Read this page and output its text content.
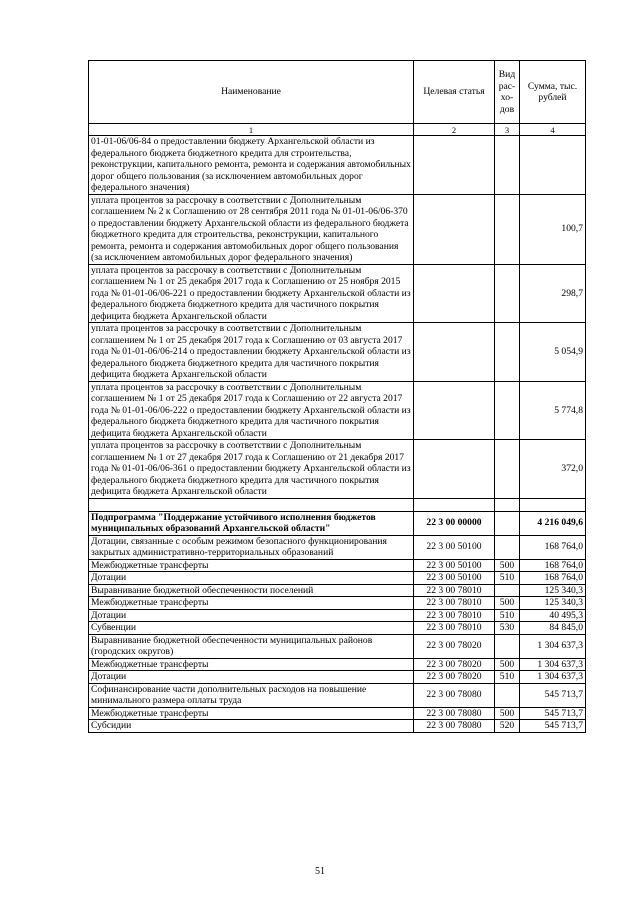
Наименование	Целевая статья	Вид рас-хо-дов	Сумма, тыс. рублей
1	2	3	4
01-01-06/06-84 о предоставлении бюджету Архангельской области из федерального бюджета бюджетного кредита для строительства, реконструкции, капитального ремонта, ремонта и содержания автомобильных дорог общего пользования (за исключением автомобильных дорог федерального значения)			
уплата процентов за рассрочку в соответствии с Дополнительным соглашением № 2 к Соглашению от 28 сентября 2011 года № 01-01-06/06-370 о предоставлении бюджету Архангельской области из федерального бюджета бюджетного кредита для строительства, реконструкции, капитального ремонта, ремонта и содержания автомобильных дорог общего пользования (за исключением автомобильных дорог федерального значения)			100,7
уплата процентов за рассрочку в соответствии с Дополнительным соглашением № 1 от 25 декабря 2017 года к Соглашению от 25 ноября 2015 года № 01-01-06/06-221 о предоставлении бюджету Архангельской области из федерального бюджета бюджетного кредита для частичного покрытия дефицита бюджета Архангельской области			298,7
уплата процентов за рассрочку в соответствии с Дополнительным соглашением № 1 от 25 декабря 2017 года к Соглашению от 03 августа 2017 года № 01-01-06/06-214 о предоставлении бюджету Архангельской области из федерального бюджета бюджетного кредита для частичного покрытия дефицита бюджета Архангельской области			5 054,9
уплата процентов за рассрочку в соответствии с Дополнительным соглашением № 1 от 25 декабря 2017 года к Соглашению от 22 августа 2017 года № 01-01-06/06-222 о предоставлении бюджету Архангельской области из федерального бюджета бюджетного кредита для частичного покрытия дефицита бюджета Архангельской области			5 774,8
уплата процентов за рассрочку в соответствии с Дополнительным соглашением № 1 от 27 декабря 2017 года к Соглашению от 21 декабря 2017 года № 01-01-06/06-361 о предоставлении бюджету Архангельской области из федерального бюджета бюджетного кредита для частичного покрытия дефицита бюджета Архангельской области			372,0

Подпрограмма "Поддержание устойчивого исполнения бюджетов муниципальных образований Архангельской области"	22 3 00 00000		4 216 049,6
Дотации, связанные с особым режимом безопасного функционирования закрытых административно-территориальных образований	22 3 00 50100		168 764,0
Межбюджетные трансферты	22 3 00 50100	500	168 764,0
Дотации	22 3 00 50100	510	168 764,0
Выравнивание бюджетной обеспеченности поселений	22 3 00 78010		125 340,3
Межбюджетные трансферты	22 3 00 78010	500	125 340,3
Дотации	22 3 00 78010	510	40 495,3
Субвенции	22 3 00 78010	530	84 845,0
Выравнивание бюджетной обеспеченности муниципальных районов (городских округов)	22 3 00 78020		1 304 637,3
Межбюджетные трансферты	22 3 00 78020	500	1 304 637,3
Дотации	22 3 00 78020	510	1 304 637,3
Софинансирование части дополнительных расходов на повышение минимального размера оплаты труда	22 3 00 78080		545 713,7
Межбюджетные трансферты	22 3 00 78080	500	545 713,7
Субсидии	22 3 00 78080	520	545 713,7
51
